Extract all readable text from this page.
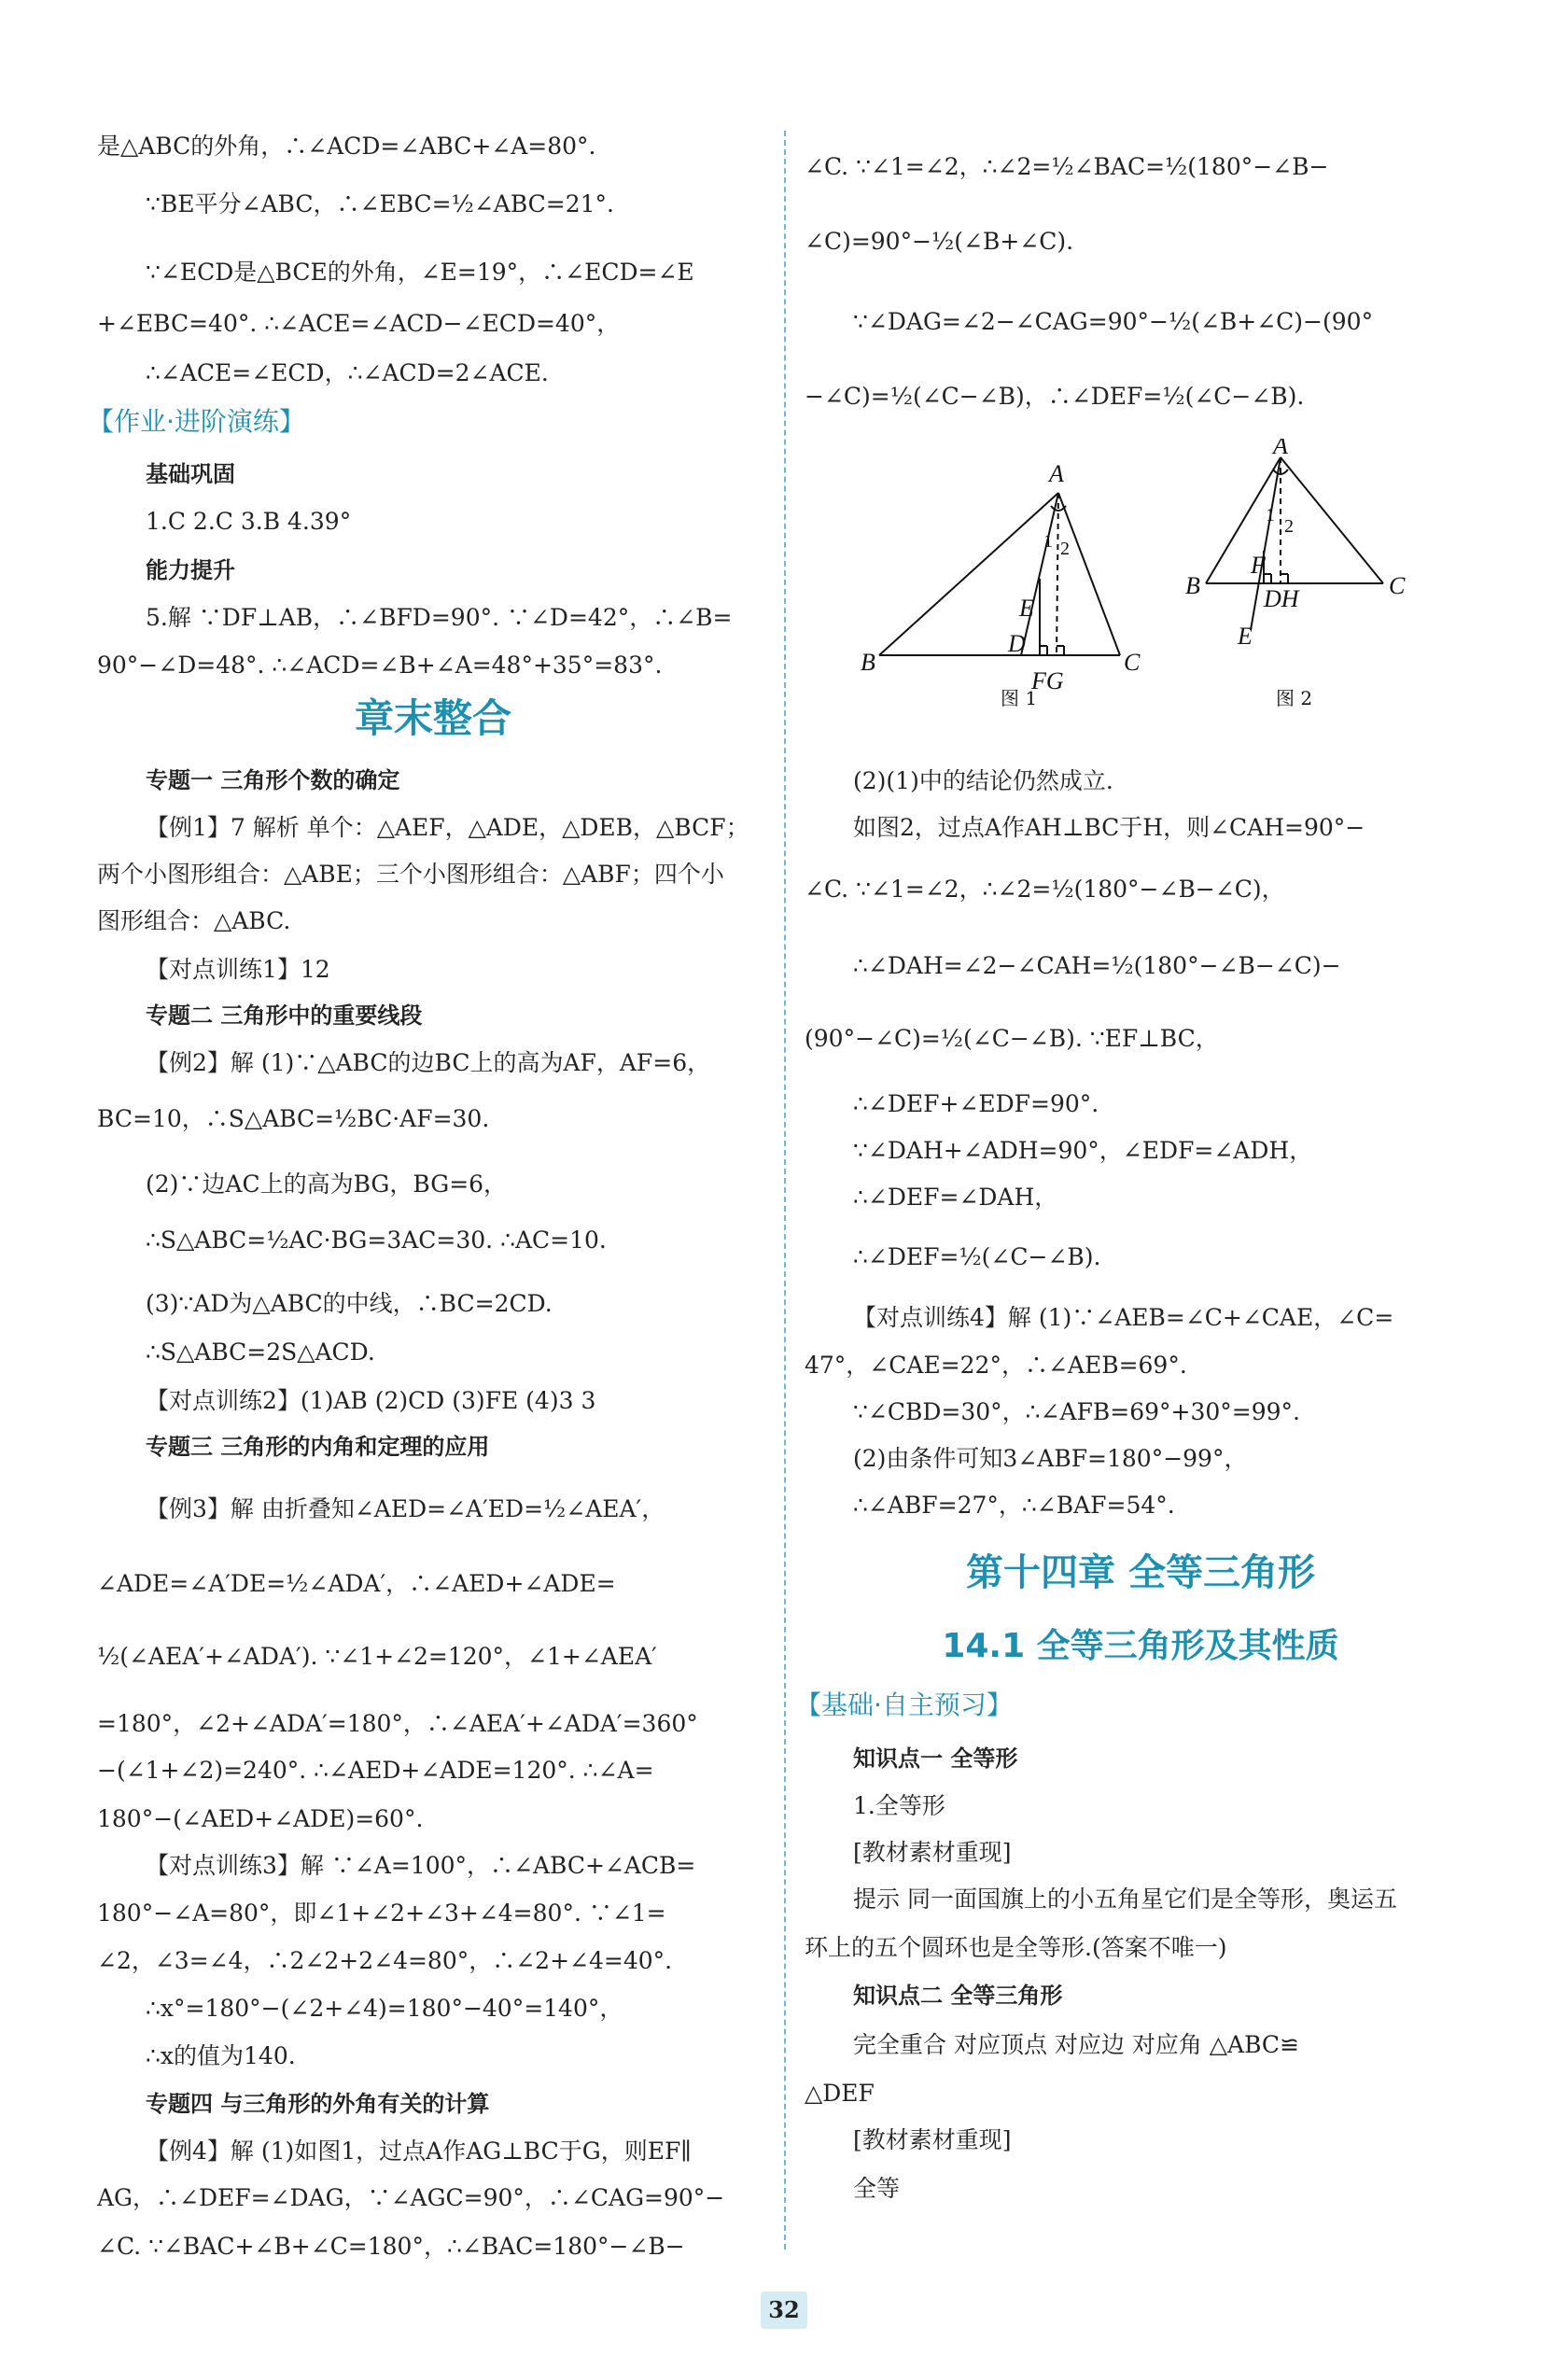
是△ABC的外角，∴∠ACD=∠ABC+∠A=80°.
∵BE平分∠ABC，∴∠EBC=½∠ABC=21°.
∵∠ECD是△BCE的外角，∠E=19°，∴∠ECD=∠E
+∠EBC=40°. ∴∠ACE=∠ACD−∠ECD=40°，
∴∠ACE=∠ECD，∴∠ACD=2∠ACE.
【作业·进阶演练】
基础巩固
1.C 2.C 3.B 4.39°
能力提升
5.解 ∵DF⊥AB，∴∠BFD=90°. ∵∠D=42°，∴∠B=
90°−∠D=48°. ∴∠ACD=∠B+∠A=48°+35°=83°.
章末整合
专题一 三角形个数的确定
【例1】7 解析 单个：△AEF，△ADE，△DEB，△BCF；
两个小图形组合：△ABE；三个小图形组合：△ABF；四个小
图形组合：△ABC.
【对点训练1】12
专题二 三角形中的重要线段
【例2】解 (1)∵△ABC的边BC上的高为AF，AF=6，
BC=10，∴S△ABC=½BC·AF=30.
(2)∵边AC上的高为BG，BG=6，
∴S△ABC=½AC·BG=3AC=30. ∴AC=10.
(3)∵AD为△ABC的中线，∴BC=2CD.
∴S△ABC=2S△ACD.
【对点训练2】(1)AB (2)CD (3)FE (4)3 3
专题三 三角形的内角和定理的应用
【例3】解 由折叠知∠AED=∠A′ED=½∠AEA′，
∠ADE=∠A′DE=½∠ADA′，∴∠AED+∠ADE=
½(∠AEA′+∠ADA′). ∵∠1+∠2=120°，∠1+∠AEA′
=180°，∠2+∠ADA′=180°，∴∠AEA′+∠ADA′=360°
−(∠1+∠2)=240°. ∴∠AED+∠ADE=120°. ∴∠A=
180°−(∠AED+∠ADE)=60°.
【对点训练3】解 ∵∠A=100°，∴∠ABC+∠ACB=
180°−∠A=80°，即∠1+∠2+∠3+∠4=80°. ∵∠1=
∠2，∠3=∠4，∴2∠2+2∠4=80°，∴∠2+∠4=40°.
∴x°=180°−(∠2+∠4)=180°−40°=140°，
∴x的值为140.
专题四 与三角形的外角有关的计算
【例4】解 (1)如图1，过点A作AG⊥BC于G，则EF∥
AG，∴∠DEF=∠DAG，∵∠AGC=90°，∴∠CAG=90°−
∠C. ∵∠BAC+∠B+∠C=180°，∴∠BAC=180°−∠B−
∠C. ∵∠1=∠2，∴∠2=½∠BAC=½(180°−∠B−
∠C)=90°−½(∠B+∠C).
∵∠DAG=∠2−∠CAG=90°−½(∠B+∠C)−(90°
−∠C)=½(∠C−∠B)，∴∠DEF=½(∠C−∠B).
A
B	C
D
E
FG
1 2
A
B	C
F
DH
E
1
2
图 1	图 2
(2)(1)中的结论仍然成立.
如图2，过点A作AH⊥BC于H，则∠CAH=90°−
∠C. ∵∠1=∠2，∴∠2=½(180°−∠B−∠C)，
∴∠DAH=∠2−∠CAH=½(180°−∠B−∠C)−
(90°−∠C)=½(∠C−∠B). ∵EF⊥BC，
∴∠DEF+∠EDF=90°.
∵∠DAH+∠ADH=90°，∠EDF=∠ADH，
∴∠DEF=∠DAH，
∴∠DEF=½(∠C−∠B).
【对点训练4】解 (1)∵∠AEB=∠C+∠CAE，∠C=
47°，∠CAE=22°，∴∠AEB=69°.
∵∠CBD=30°，∴∠AFB=69°+30°=99°.
(2)由条件可知3∠ABF=180°−99°，
∴∠ABF=27°，∴∠BAF=54°.
第十四章 全等三角形
14.1 全等三角形及其性质
【基础·自主预习】
知识点一 全等形
1.全等形
[教材素材重现]
提示 同一面国旗上的小五角星它们是全等形，奥运五
环上的五个圆环也是全等形.(答案不唯一)
知识点二 全等三角形
完全重合 对应顶点 对应边 对应角 △ABC≌
△DEF
[教材素材重现]
全等
32
